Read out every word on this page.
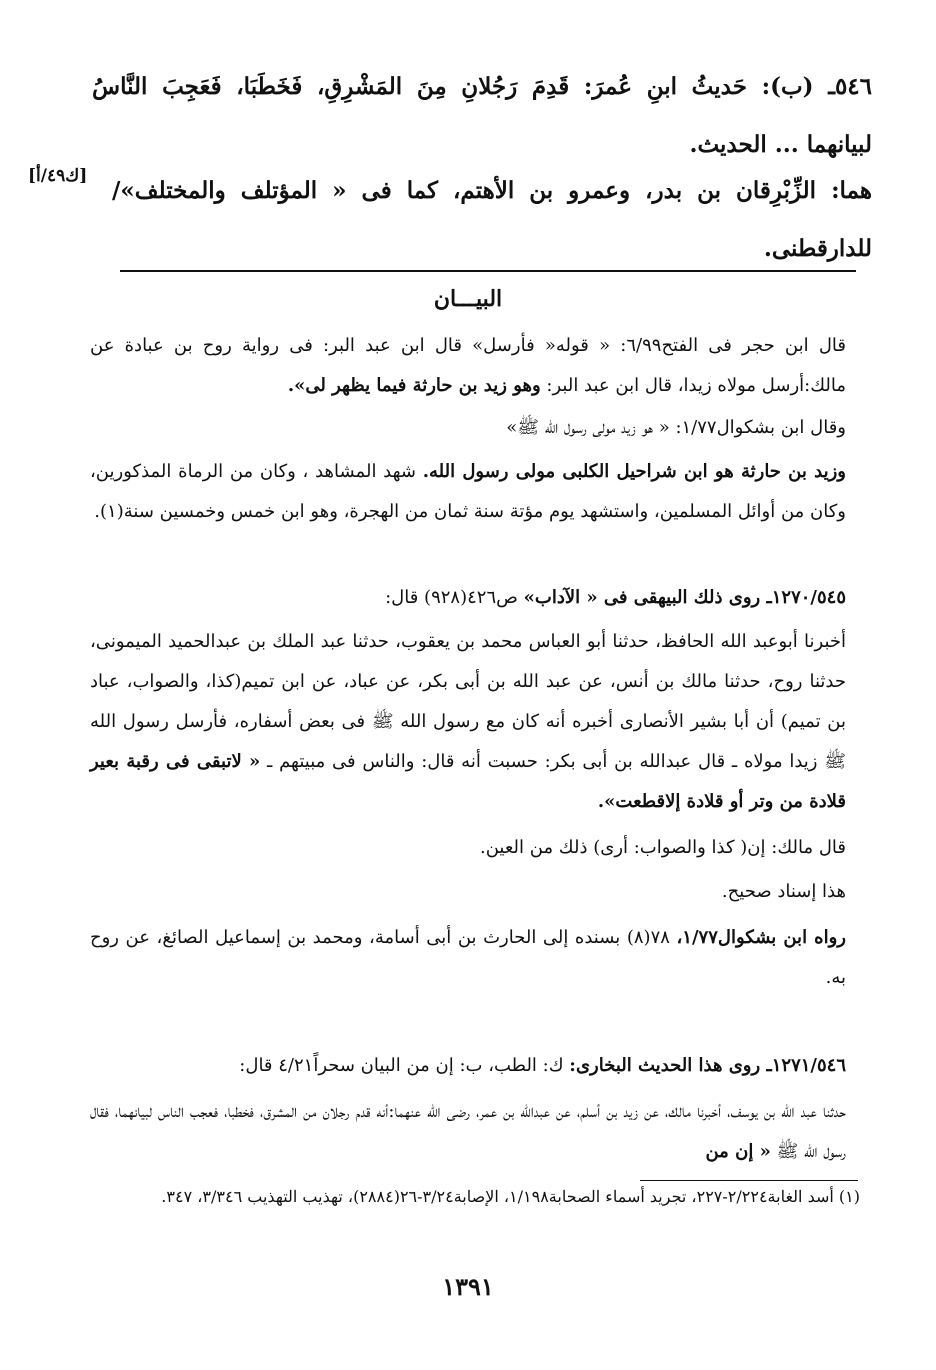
٥٤٦ـ (ب): حَديثُ ابنِ عُمرَ: قَدِمَ رَجُلانِ مِنَ المَشْرِقِ، فَخَطَبَا، فَعَجِبَ النَّاسُ لبيانهما ... الحديث.
هما: الزِّبْرِقان بن بدر، وعمرو بن الأهتم، كما فى « المؤتلف والمختلف»/ للدارقطنى.
[ك٤٩/أ]
البيـــان
قال ابن حجر فى الفتح٦/٩٩: « قوله« فأرسل» قال ابن عبد البر: فى رواية روح بن عبادة عن مالك:أرسل مولاه زيدا، قال ابن عبد البر: وهو زيد بن حارثة فيما يظهر لى».
وقال ابن بشكوال١/٧٧: « هو زيد مولى رسول الله ﷺ»
وزيد بن حارثة هو ابن شراحيل الكلبى مولى رسول الله. شهد المشاهد ، وكان من الرماة المذكورين، وكان من أوائل المسلمين، واستشهد يوم مؤتة سنة ثمان من الهجرة، وهو ابن خمس وخمسين سنة(١).
١٢٧٠/٥٤٥ـ روى ذلك البيهقى فى « الآداب» ص٤٢٦(٩٢٨) قال:
أخبرنا أبوعبد الله الحافظ، حدثنا أبو العباس محمد بن يعقوب، حدثنا عبد الملك بن عبدالحميد الميمونى، حدثنا روح، حدثنا مالك بن أنس، عن عبد الله بن أبى بكر، عن عباد، عن ابن تميم(كذا، والصواب، عباد بن تميم) أن أبا بشير الأنصارى أخبره أنه كان مع رسول الله ﷺ فى بعض أسفاره، فأرسل رسول الله ﷺ زيدا مولاه ـ قال عبدالله بن أبى بكر: حسبت أنه قال: والناس فى مبيتهم ـ « لاتبقى فى رقبة بعير قلادة من وتر أو قلادة إلاقطعت».
قال مالك: إن( كذا والصواب: أرى) ذلك من العين.
هذا إسناد صحيح.
رواه ابن بشكوال١/٧٧، ٧٨(٨) بسنده إلى الحارث بن أبى أسامة، ومحمد بن إسماعيل الصائغ، عن روح به.
١٢٧١/٥٤٦ـ روى هذا الحديث البخارى: ك: الطب، ب: إن من البيان سحراً٤/٢١ قال:
حدثنا عبد الله بن يوسف، أخبرنا مالك، عن زيد بن أسلم، عن عبدالله بن عمر، رضى الله عنهما:أنه قدم رجلان من المشرق، فخطبا، فعجب الناس لبيانهما، فقال رسول الله ﷺ « إن من
(١) أسد الغابة٢/٢٢٤-٢٢٧، تجريد أسماء الصحابة١/١٩٨، الإصابة٣/٢٤-٢٦(٢٨٨٤)، تهذيب التهذيب ٣/٣٤٦، ٣٤٧.
١٣٩١
